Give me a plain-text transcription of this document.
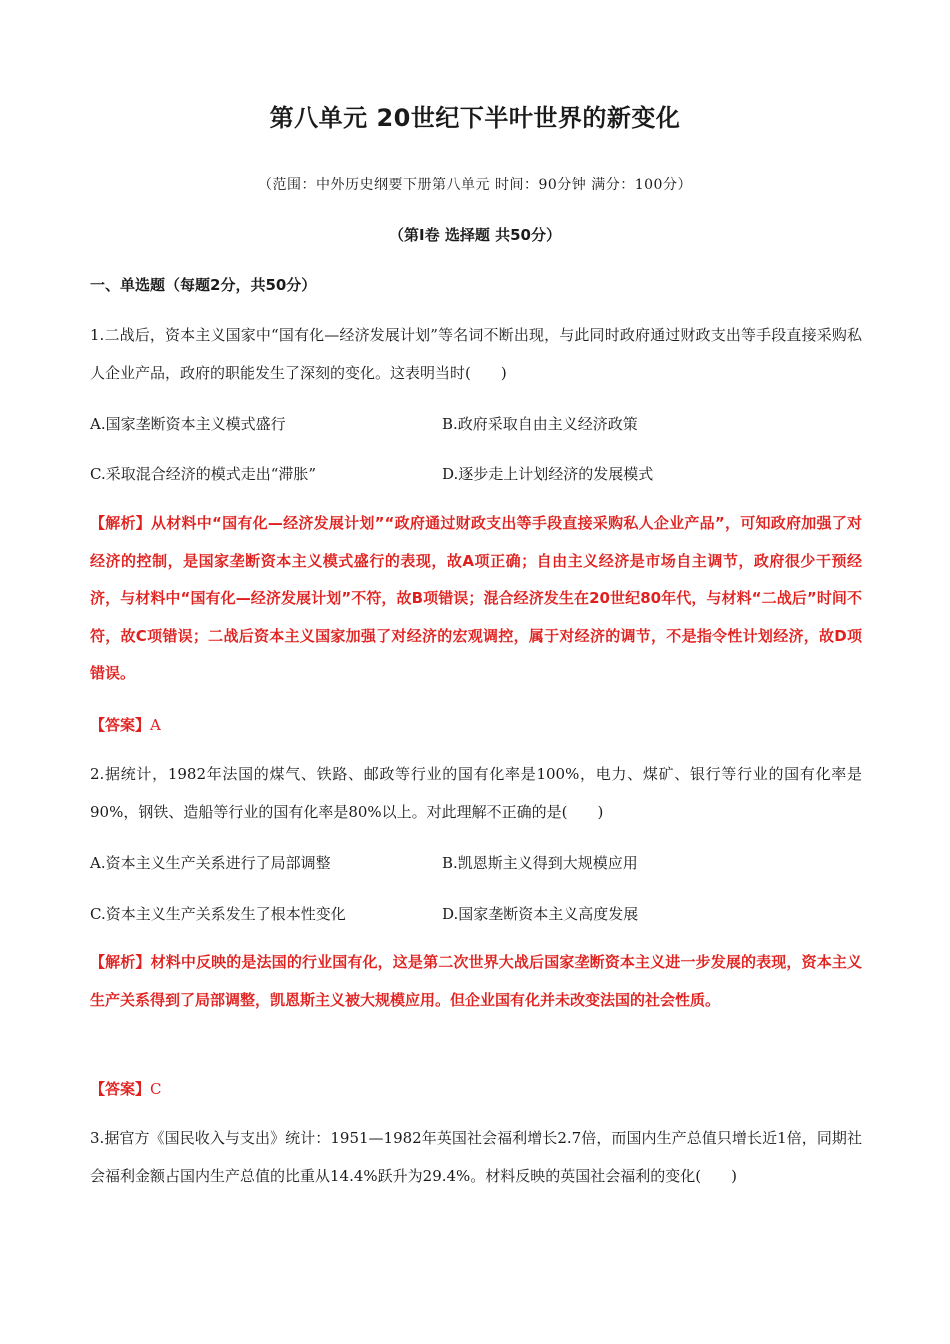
第八单元 20世纪下半叶世界的新变化
（范围：中外历史纲要下册第八单元 时间：90分钟 满分：100分）
（第Ⅰ卷 选择题 共50分）
一、单选题（每题2分，共50分）
1.二战后，资本主义国家中“国有化—经济发展计划”等名词不断出现，与此同时政府通过财政支出等手段直接采购私人企业产品，政府的职能发生了深刻的变化。这表明当时(　　)
A.国家垄断资本主义模式盛行	B.政府采取自由主义经济政策
C.采取混合经济的模式走出“滞胀”	D.逐步走上计划经济的发展模式
【解析】从材料中“国有化—经济发展计划”“政府通过财政支出等手段直接采购私人企业产品”，可知政府加强了对经济的控制，是国家垄断资本主义模式盛行的表现，故A项正确；自由主义经济是市场自主调节，政府很少干预经济，与材料中“国有化—经济发展计划”不符，故B项错误；混合经济发生在20世纪80年代，与材料“二战后”时间不符，故C项错误；二战后资本主义国家加强了对经济的宏观调控，属于对经济的调节，不是指令性计划经济，故D项错误。
【答案】A
2.据统计，1982年法国的煤气、铁路、邮政等行业的国有化率是100%，电力、煤矿、银行等行业的国有化率是90%，钢铁、造船等行业的国有化率是80%以上。对此理解不正确的是(　　)
A.资本主义生产关系进行了局部调整	B.凯恩斯主义得到大规模应用
C.资本主义生产关系发生了根本性变化	D.国家垄断资本主义高度发展
【解析】材料中反映的是法国的行业国有化，这是第二次世界大战后国家垄断资本主义进一步发展的表现，资本主义生产关系得到了局部调整，凯恩斯主义被大规模应用。但企业国有化并未改变法国的社会性质。
【答案】C
3.据官方《国民收入与支出》统计：1951—1982年英国社会福利增长2.7倍，而国内生产总值只增长近1倍，同期社会福利金额占国内生产总值的比重从14.4%跃升为29.4%。材料反映的英国社会福利的变化(　　)
